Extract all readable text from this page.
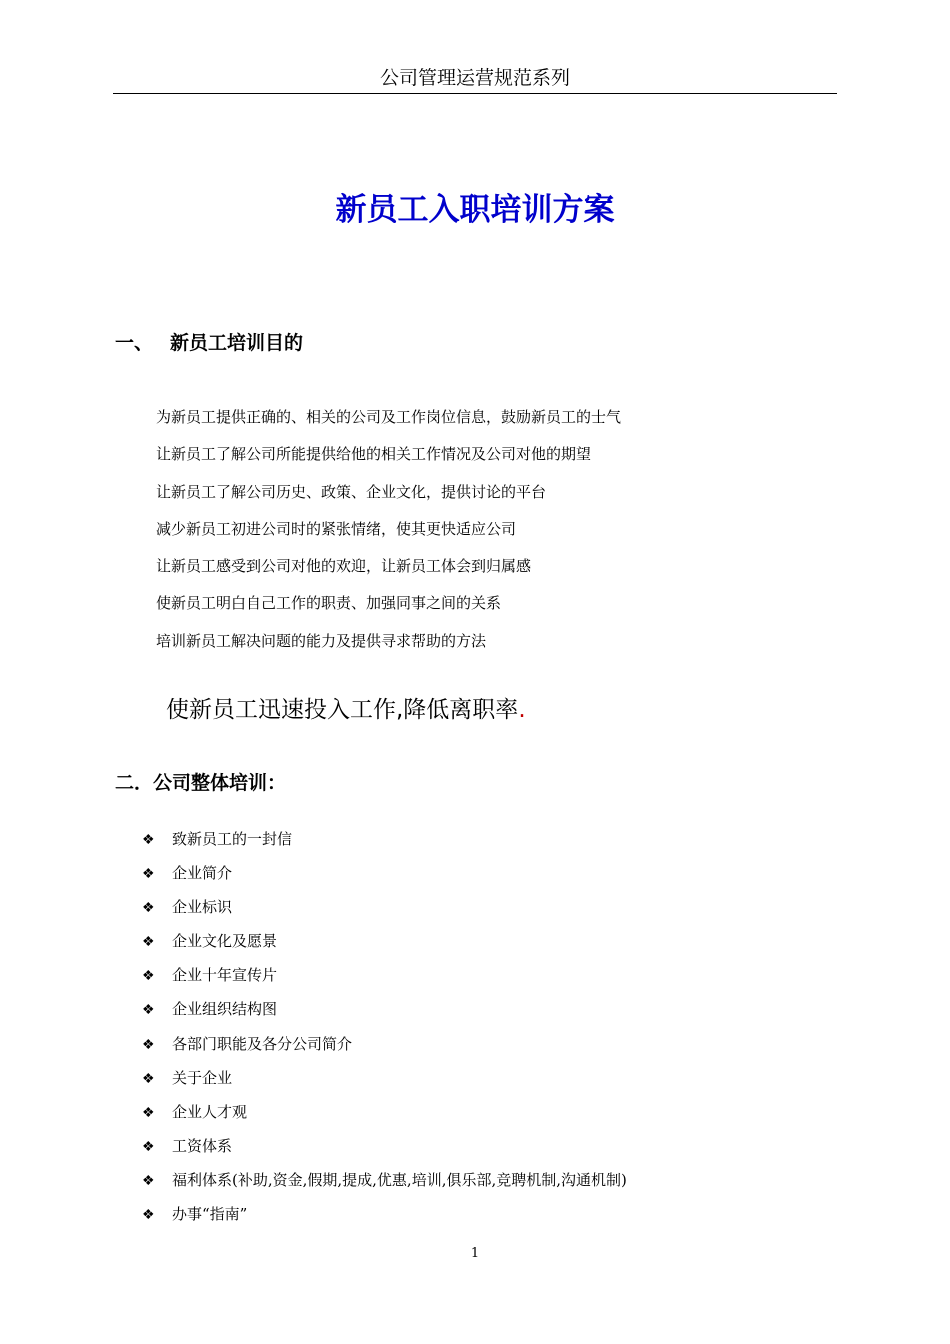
公司管理运营规范系列
新员工入职培训方案
一、 新员工培训目的
为新员工提供正确的、相关的公司及工作岗位信息，鼓励新员工的士气
让新员工了解公司所能提供给他的相关工作情况及公司对他的期望
让新员工了解公司历史、政策、企业文化，提供讨论的平台
减少新员工初进公司时的紧张情绪，使其更快适应公司
让新员工感受到公司对他的欢迎，让新员工体会到归属感
使新员工明白自己工作的职责、加强同事之间的关系
培训新员工解决问题的能力及提供寻求帮助的方法
使新员工迅速投入工作,降低离职率.
二．公司整体培训：
❖ 致新员工的一封信
❖ 企业简介
❖ 企业标识
❖ 企业文化及愿景
❖ 企业十年宣传片
❖ 企业组织结构图
❖ 各部门职能及各分公司简介
❖ 关于企业
❖ 企业人才观
❖ 工资体系
❖ 福利体系(补助,资金,假期,提成,优惠,培训,俱乐部,竞聘机制,沟通机制)
❖ 办事“指南”
1
